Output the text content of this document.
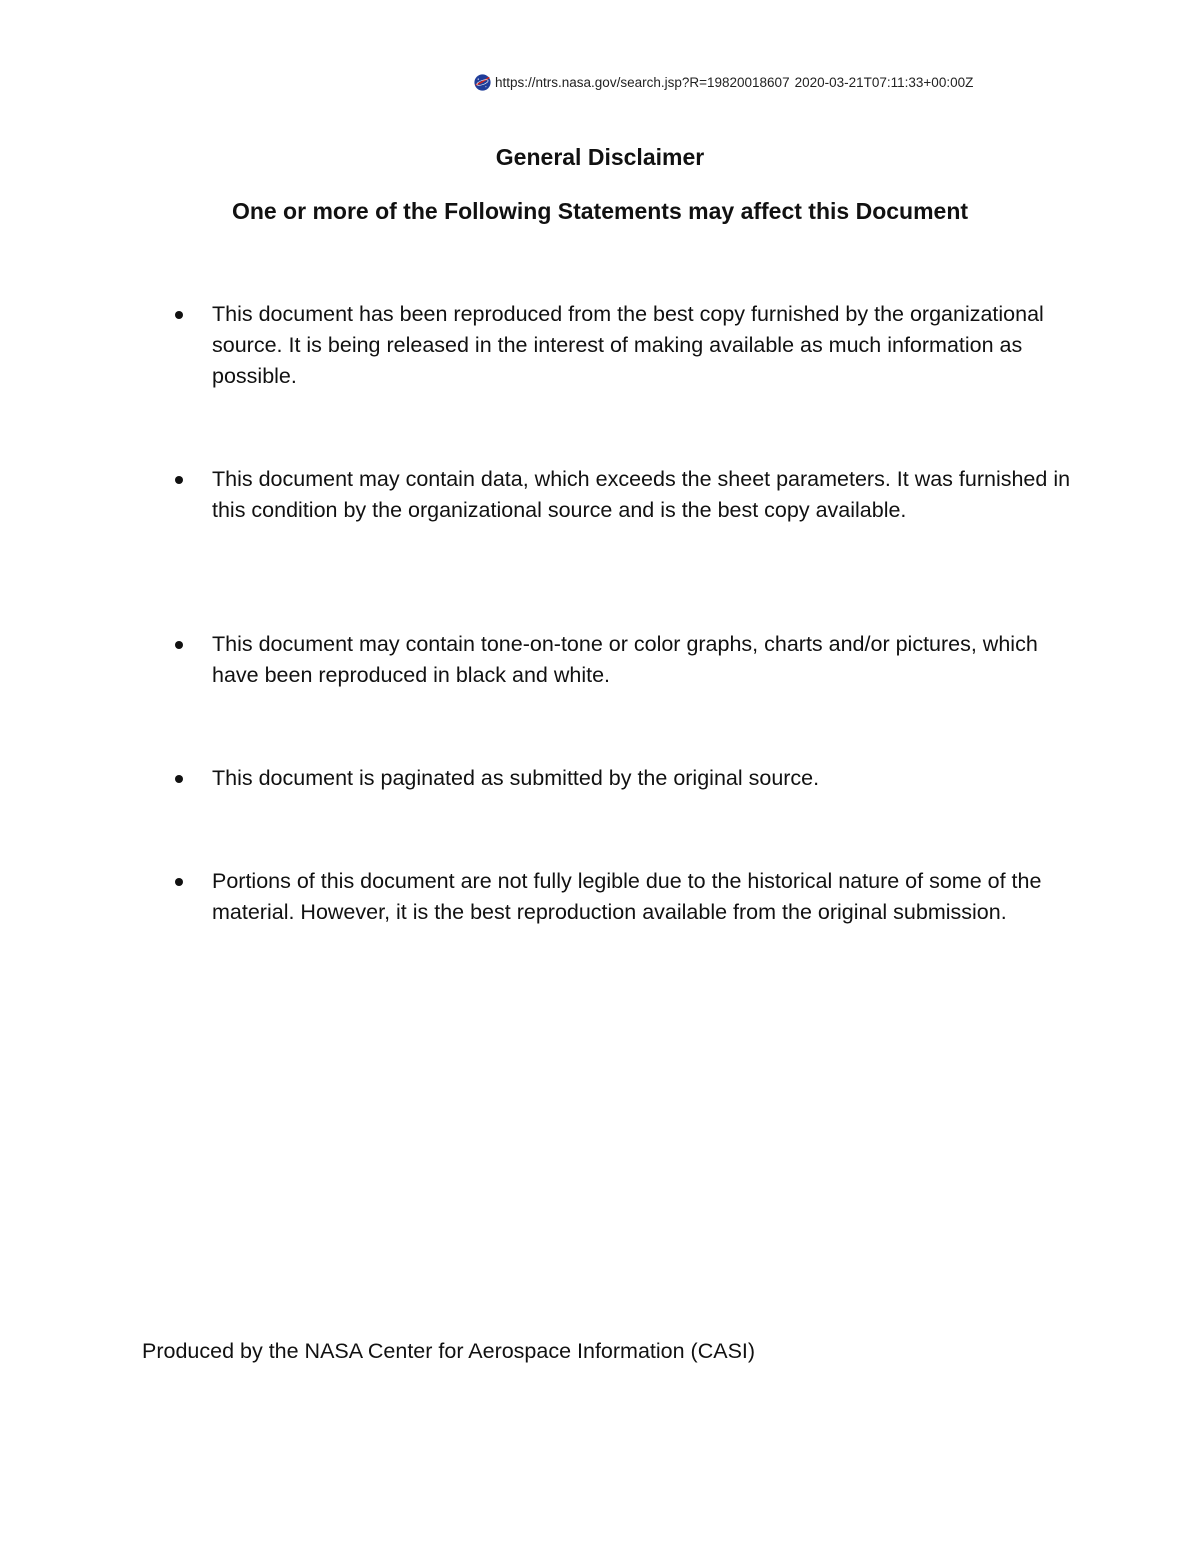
https://ntrs.nasa.gov/search.jsp?R=19820018607 2020-03-21T07:11:33+00:00Z
General Disclaimer
One or more of the Following Statements may affect this Document
This document has been reproduced from the best copy furnished by the organizational source. It is being released in the interest of making available as much information as possible.
This document may contain data, which exceeds the sheet parameters. It was furnished in this condition by the organizational source and is the best copy available.
This document may contain tone-on-tone or color graphs, charts and/or pictures, which have been reproduced in black and white.
This document is paginated as submitted by the original source.
Portions of this document are not fully legible due to the historical nature of some of the material. However, it is the best reproduction available from the original submission.

Produced by the NASA Center for Aerospace Information (CASI)
